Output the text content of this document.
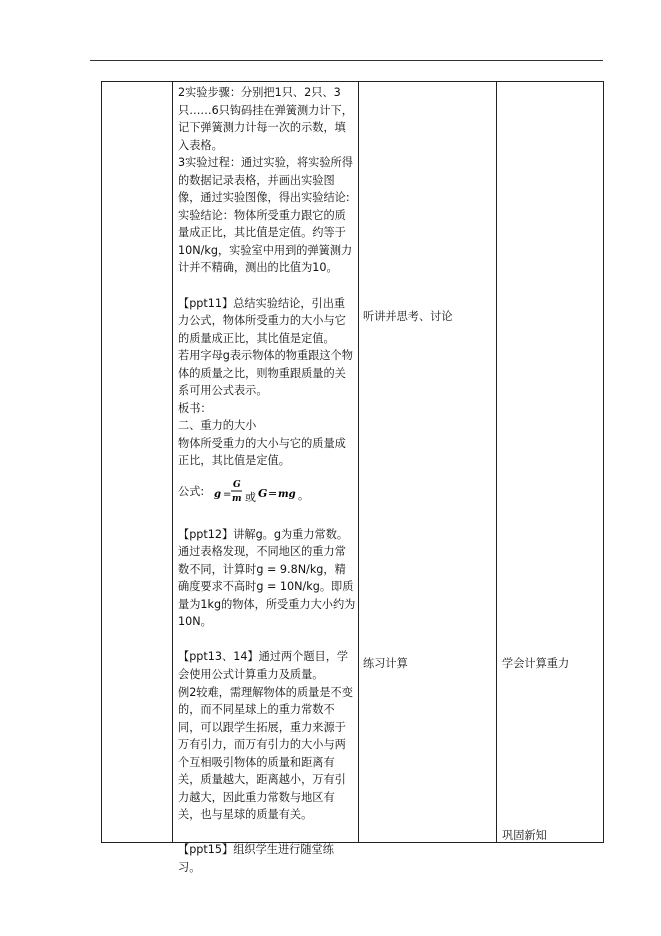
2实验步骤：分别把1只、2只、3只……6只钩码挂在弹簧测力计下，记下弹簧测力计每一次的示数，填入表格。

3实验过程：通过实验，将实验所得的数据记录表格，并画出实验图像，通过实验图像，得出实验结论:

实验结论：物体所受重力跟它的质量成正比，其比值是定值。约等于10N/kg，实验室中用到的弹簧测力计并不精确，测出的比值为10。

【ppt11】总结实验结论，引出重力公式，物体所受重力的大小与它的质量成正比，其比值是定值。

若用字母g表示物体的物重跟这个物体的质量之比，则物重跟质量的关系可用公式表示。

板书：

二、重力的大小

物体所受重力的大小与它的质量成正比，其比值是定值。

公式: g =
G
m 或 G = mg 。

【ppt12】讲解g。g为重力常数。通过表格发现，不同地区的重力常数不同，计算时g = 9.8N/kg，精确度要求不高时g = 10N/kg。即质量为1kg的物体，所受重力大小约为10N。

【ppt13、14】通过两个题目，学会使用公式计算重力及质量。

例2较难，需理解物体的质量是不变的，而不同星球上的重力常数不同，可以跟学生拓展，重力来源于万有引力，而万有引力的大小与两个互相吸引物体的质量和距离有关，质量越大，距离越小，万有引力越大，因此重力常数与地区有关，也与星球的质量有关。

【ppt15】组织学生进行随堂练习。

听讲并思考、讨论
练习计算	学会计算重力
巩固新知
